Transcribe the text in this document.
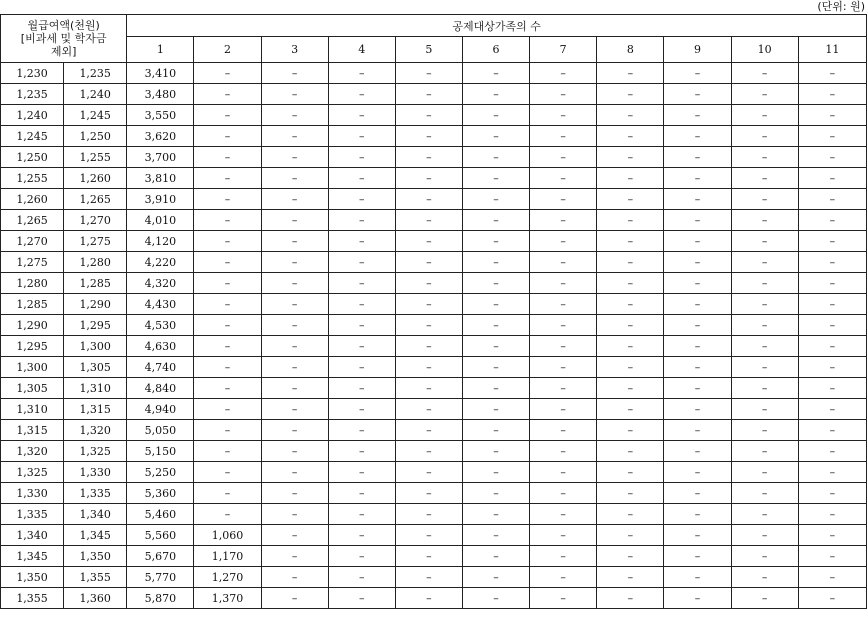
(단위: 원)
월급여액(천원)
[비과세 및 학자금
제외]		공제대상가족의 수										
		1	2	3	4	5	6	7	8	9	10	11
1,230	1,235	3,410	–	–	–	–	–	–	–	–	–	–
1,235	1,240	3,480	–	–	–	–	–	–	–	–	–	–
1,240	1,245	3,550	–	–	–	–	–	–	–	–	–	–
1,245	1,250	3,620	–	–	–	–	–	–	–	–	–	–
1,250	1,255	3,700	–	–	–	–	–	–	–	–	–	–
1,255	1,260	3,810	–	–	–	–	–	–	–	–	–	–
1,260	1,265	3,910	–	–	–	–	–	–	–	–	–	–
1,265	1,270	4,010	–	–	–	–	–	–	–	–	–	–
1,270	1,275	4,120	–	–	–	–	–	–	–	–	–	–
1,275	1,280	4,220	–	–	–	–	–	–	–	–	–	–
1,280	1,285	4,320	–	–	–	–	–	–	–	–	–	–
1,285	1,290	4,430	–	–	–	–	–	–	–	–	–	–
1,290	1,295	4,530	–	–	–	–	–	–	–	–	–	–
1,295	1,300	4,630	–	–	–	–	–	–	–	–	–	–
1,300	1,305	4,740	–	–	–	–	–	–	–	–	–	–
1,305	1,310	4,840	–	–	–	–	–	–	–	–	–	–
1,310	1,315	4,940	–	–	–	–	–	–	–	–	–	–
1,315	1,320	5,050	–	–	–	–	–	–	–	–	–	–
1,320	1,325	5,150	–	–	–	–	–	–	–	–	–	–
1,325	1,330	5,250	–	–	–	–	–	–	–	–	–	–
1,330	1,335	5,360	–	–	–	–	–	–	–	–	–	–
1,335	1,340	5,460	–	–	–	–	–	–	–	–	–	–
1,340	1,345	5,560	1,060	–	–	–	–	–	–	–	–	–
1,345	1,350	5,670	1,170	–	–	–	–	–	–	–	–	–
1,350	1,355	5,770	1,270	–	–	–	–	–	–	–	–	–
1,355	1,360	5,870	1,370	–	–	–	–	–	–	–	–	–
